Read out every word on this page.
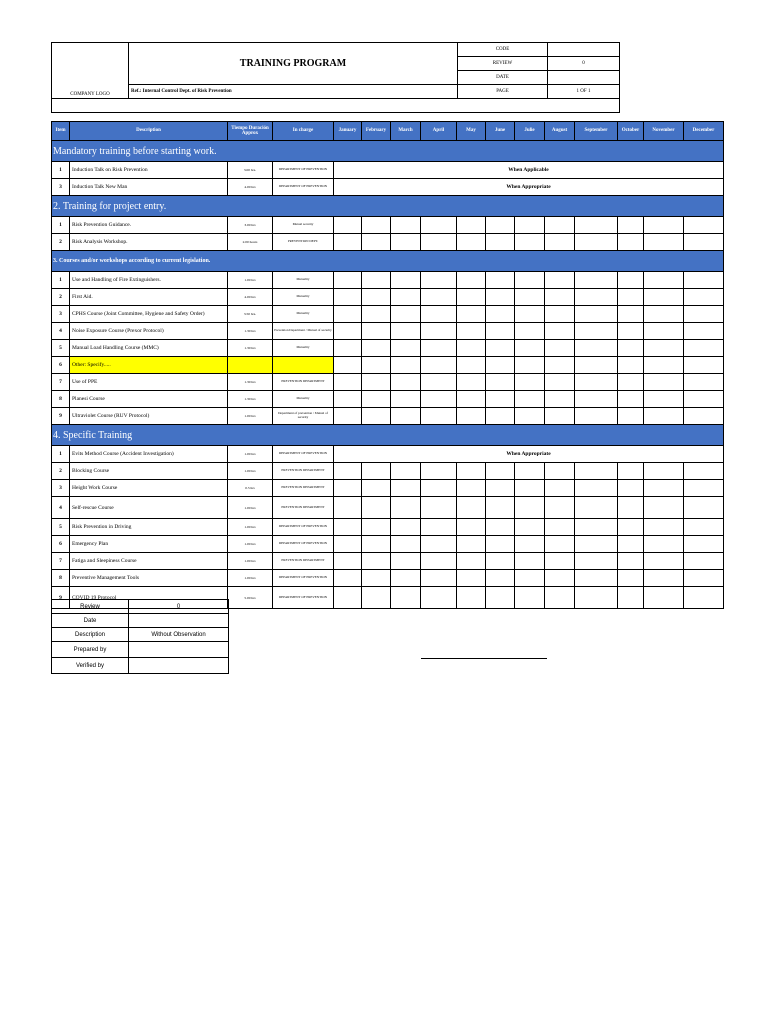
COMPANY LOGO	TRAINING PROGRAM	CODE	
		REVIEW	0
		DATE	
	Ref.: Internal Control Dept. of Risk Prevention	PAGE	1 OF 1

Item	Description	Tiempo Duración Approx	In charge	January	February	March	April	May	June	Julie	August	September	October	November	December
Mandatory training before starting work.															
1	Induction Talk on Risk Prevention	3.00 hrs.	DEPARTMENT OF PREVENTION	When Applicable											
3	Induction Talk New Man	4.00 hrs	DEPARTMENT OF PREVENTION	When Appropriate											
2. Training for project entry.															
1	Risk Prevention Guidance.	3.00 hrs	Mutual security												
2	Risk Analysis Workshop.	2.00 hours	PREVENTION DEPT.												
3. Courses and/or workshops according to current legislation.															
1	Use and Handling of Fire Extinguishers.	1.00 hrs	Mutuality												
2	First Aid.	4.00 hrs	Mutuality												
3	CPHS Course (Joint Committee, Hygiene and Safety Order)	3.50 hrs.	Mutuality												
4	Noise Exposure Course (Prexor Protocol)	1.30 hrs	Prevention Department / Mutual of security												
5	Manual Load Handling Course (MMC)	1.30 hrs	Mutuality												
6	Other: Specify.....														
7	Use of PPE	1.30 hrs	PREVENTION DEPARTMENT												
8	Planesi Course	1.30 hrs	Mutuality												
9	Ultraviolet Course (RUV Protocol)	1.00 hrs	Department of prevention / Mutual of security												
4. Specific Training															
1	Evits Method Course (Accident Investigation)	1.00 hrs	DEPARTMENT OF PREVENTION	When Appropriate											
2	Blocking Course	1.00 hrs	PREVENTION DEPARTMENT												
3	Height Work Course	0.5 hrs	PREVENTION DEPARTMENT												
4	Self-rescue Course	1.00 hrs	PREVENTION DEPARTMENT												
5	Risk Prevention in Driving	1.00 hrs	DEPARTMENT OF PREVENTION												
6	Emergency Plan	1.00 hrs	DEPARTMENT OF PREVENTION												
7	Fatiga and Sleepiness Course	1.00 hrs	PREVENTION DEPARTMENT												
8	Preventive Management Tools	1.00 hrs	DEPARTMENT OF PREVENTION												
9	COVID 19 Protocol	5.00 hrs	DEPARTMENT OF PREVENTION												
Review	0
Date	
Description	Without Observation
Prepared by	
Verified by	
